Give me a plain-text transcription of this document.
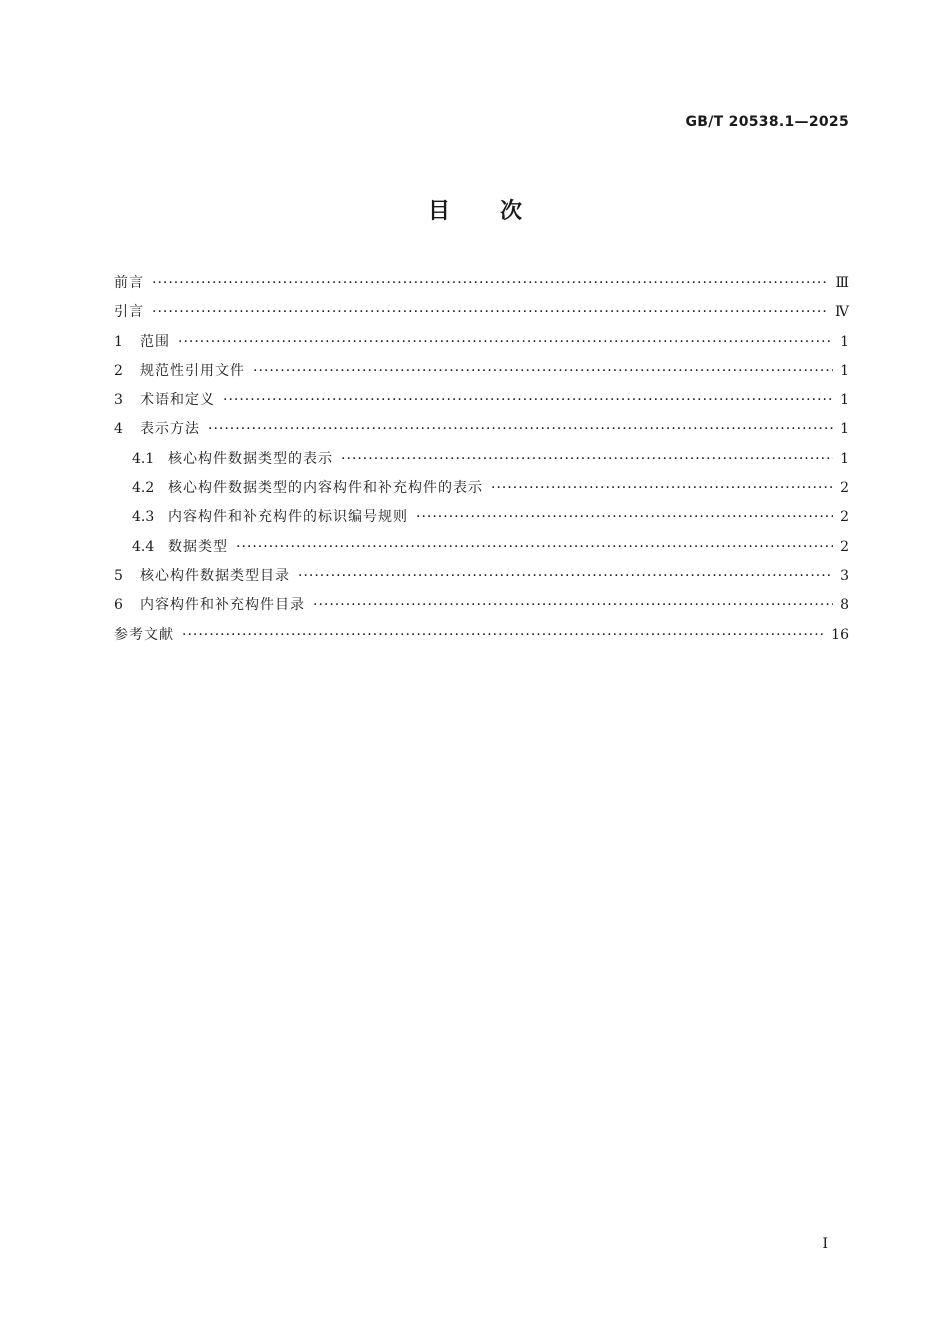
GB/T 20538.1—2025
目 次
前言 ·····	Ⅲ
引言 ·····	Ⅳ
1	范围 ·····	1
2	规范性引用文件 ·····	1
3	术语和定义 ·····	1
4	表示方法 ·····	1
4.1 核心构件数据类型的表示 ·····	1
4.2 核心构件数据类型的内容构件和补充构件的表示 ·····	2
4.3 内容构件和补充构件的标识编号规则 ·····	2
4.4 数据类型 ·····	2
5	核心构件数据类型目录 ·····	3
6	内容构件和补充构件目录 ·····	8
参考文献 ·····	16
I
